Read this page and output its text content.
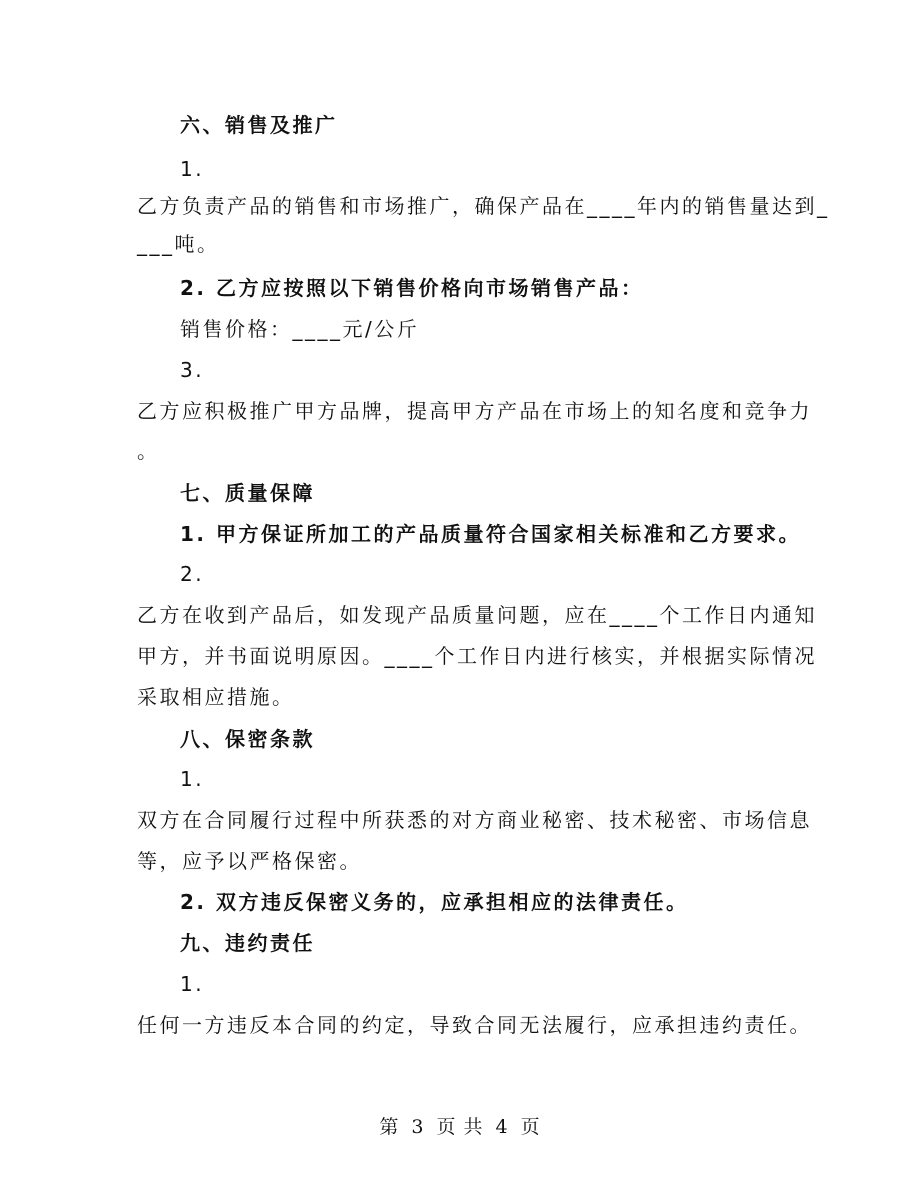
六、销售及推广
1.
乙方负责产品的销售和市场推广，确保产品在____年内的销售量达到_
___吨。
2. 乙方应按照以下销售价格向市场销售产品：
销售价格：____元/公斤
3.
乙方应积极推广甲方品牌，提高甲方产品在市场上的知名度和竞争力
。
七、质量保障
1. 甲方保证所加工的产品质量符合国家相关标准和乙方要求。
2.
乙方在收到产品后，如发现产品质量问题，应在____个工作日内通知
甲方，并书面说明原因。____个工作日内进行核实，并根据实际情况
采取相应措施。
八、保密条款
1.
双方在合同履行过程中所获悉的对方商业秘密、技术秘密、市场信息
等，应予以严格保密。
2. 双方违反保密义务的，应承担相应的法律责任。
九、违约责任
1.
任何一方违反本合同的约定，导致合同无法履行，应承担违约责任。
第 3 页 共 4 页
